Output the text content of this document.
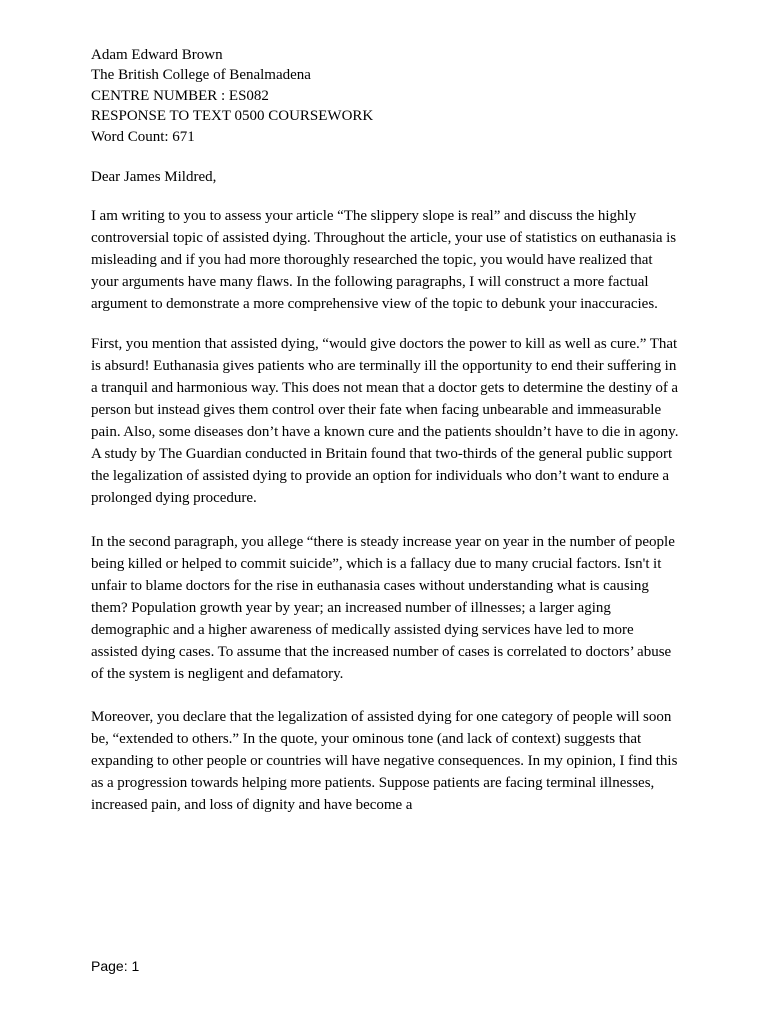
Adam Edward Brown
The British College of Benalmadena
CENTRE NUMBER : ES082
RESPONSE TO TEXT 0500 COURSEWORK
Word Count: 671

Dear James Mildred,

I am writing to you to assess your article “The slippery slope is real” and discuss the highly controversial topic of assisted dying. Throughout the article, your use of statistics on euthanasia is misleading and if you had more thoroughly researched the topic, you would have realized that your arguments have many flaws. In the following paragraphs, I will construct a more factual argument to demonstrate a more comprehensive view of the topic to debunk your inaccuracies.

First, you mention that assisted dying, “would give doctors the power to kill as well as cure.” That is absurd! Euthanasia gives patients who are terminally ill the opportunity to end their suffering in a tranquil and harmonious way. This does not mean that a doctor gets to determine the destiny of a person but instead gives them control over their fate when facing unbearable and immeasurable pain. Also, some diseases don’t have a known cure and the patients shouldn’t have to die in agony. A study by The Guardian conducted in Britain found that two-thirds of the general public support the legalization of assisted dying to provide an option for individuals who don’t want to endure a prolonged dying procedure.

In the second paragraph, you allege “there is steady increase year on year in the number of people being killed or helped to commit suicide”, which is a fallacy due to many crucial factors. Isn't it unfair to blame doctors for the rise in euthanasia cases without understanding what is causing them? Population growth year by year; an increased number of illnesses; a larger aging demographic and a higher awareness of medically assisted dying services have led to more assisted dying cases. To assume that the increased number of cases is correlated to doctors’ abuse of the system is negligent and defamatory.

Moreover, you declare that the legalization of assisted dying for one category of people will soon be, “extended to others.” In the quote, your ominous tone (and lack of context) suggests that expanding to other people or countries will have negative consequences. In my opinion, I find this as a progression towards helping more patients. Suppose patients are facing terminal illnesses, increased pain, and loss of dignity and have become a

Page: 1
